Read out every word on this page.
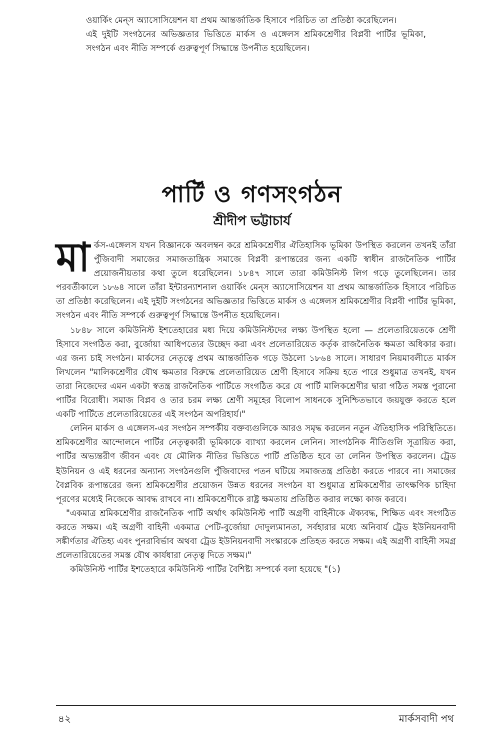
ওয়ার্কিং মেন্‌স অ্যাসোসিয়েশন যা প্রথম আন্তর্জাতিক হিসাবে পরিচিত তা প্রতিষ্ঠা করেছিলেন।

এই দুইটি সংগঠনের অভিজ্ঞতার ভিত্তিতে মার্কস ও এঙ্গেলস শ্রমিকশ্রেণীর বিপ্লবী পার্টির ভূমিকা, সংগঠন এবং নীতি সম্পর্কে গুরুত্বপূর্ণ সিদ্ধান্তে উপনীত হয়েছিলেন।

পার্টি ও গণসংগঠন
শ্রীদীপ ভট্টাচার্য

মার্কস-এঙ্গেলস যখন বিজ্ঞানকে অবলম্বন করে শ্রমিকশ্রেণীর ঐতিহাসিক ভূমিকা উপস্থিত করলেন তখনই তাঁরা পুঁজিবাদী সমাজের সমাজতান্ত্রিক সমাজে বিপ্লবী রূপান্তরের জন্য একটি স্বাধীন রাজনৈতিক পার্টির প্রয়োজনীয়তার কথা তুলে ধরেছিলেন। ১৮৪৭ সালে তারা কমিউনিস্ট লিগ গড়ে তুলেছিলেন। তার পরবর্তীকালে ১৮৬৪ সালে তাঁরা ইন্টারন্যাশনাল ওয়ার্কিং মেন্‌স অ্যাসোসিয়েশন যা প্রথম আন্তর্জাতিক হিসাবে পরিচিত তা প্রতিষ্ঠা করেছিলেন। এই দুইটি সংগঠনের অভিজ্ঞতার ভিত্তিতে মার্কস ও এঙ্গেলস শ্রমিকশ্রেণীর বিপ্লবী পার্টির ভূমিকা, সংগঠন এবং নীতি সম্পর্কে গুরুত্বপূর্ণ সিদ্ধান্তে উপনীত হয়েছিলেন।

১৮৪৮ সালে কমিউনিস্ট ইশতেহারের মধ্য দিয়ে কমিউনিস্টদের লক্ষ্য উপস্থিত হলো — প্রলেতারিয়েতকে শ্রেণী হিসাবে সংগঠিত করা, বুর্জোয়া আধিপত্যের উচ্ছেদ করা এবং প্রলেতারিয়েত কর্তৃক রাজনৈতিক ক্ষমতা অধিকার করা। এর জন্য চাই সংগঠন। মার্কসের নেতৃত্বে প্রথম আন্তর্জাতিক গড়ে উঠলো ১৮৬৪ সালে। সাধারণ নিয়মাবলীতে মার্কস লিখলেন "মালিকশ্রেণীর যৌথ ক্ষমতার বিরুদ্ধে প্রলেতারিয়েত শ্রেণী হিসাবে সক্রিয় হতে পারে শুধুমাত্র তখনই, যখন তারা নিজেদের এমন একটা স্বতন্ত্র রাজনৈতিক পার্টিতে সংগঠিত করে যে পার্টি মালিকশ্রেণীর দ্বারা গঠিত সমস্ত পুরানো পার্টির বিরোধী। সমাজ বিপ্লব ও তার চরম লক্ষ্য শ্রেণী সমূহের বিলোপ সাধনকে সুনিশ্চিতভাবে জয়যুক্ত করতে হলে একটি পার্টিতে প্রলেতারিয়েতের এই সংগঠন অপরিহার্য।"

লেনিন মার্কস ও এঙ্গেলস-এর সংগঠন সম্পর্কীয় বক্তব্যগুলিকে আরও সমৃদ্ধ করলেন নতুন ঐতিহাসিক পরিস্থিতিতে। শ্রমিকশ্রেণীর আন্দোলনে পার্টির নেতৃত্বকারী ভূমিকাকে ব্যাখ্যা করলেন লেনিন। সাংগঠনিক নীতিগুলি সূত্রায়িত করা, পার্টির অভ্যন্তরীণ জীবন এবং যে মৌলিক নীতির ভিত্তিতে পার্টি প্রতিষ্ঠিত হবে তা লেনিন উপস্থিত করলেন। ট্রেড ইউনিয়ন ও এই ধরনের অন্যান্য সংগঠনগুলি পুঁজিবাদের পতন ঘটিয়ে সমাজতন্ত্র প্রতিষ্ঠা করতে পারবে না। সমাজের বৈপ্লবিক রূপান্তরের জন্য শ্রমিকশ্রেণীর প্রয়োজন উন্নত ধরনের সংগঠন যা শুধুমাত্র শ্রমিকশ্রেণীর তাৎক্ষণিক চাহিদা পূরণের মধ্যেই নিজেকে আবদ্ধ রাখবে না। শ্রমিকশ্রেণীকে রাষ্ট্র ক্ষমতায় প্রতিষ্ঠিত করার লক্ষ্যে কাজ করবে।

"একমাত্র শ্রমিকশ্রেণীর রাজনৈতিক পার্টি অর্থাৎ কমিউনিস্ট পার্টি অগ্রণী বাহিনীকে ঐক্যবদ্ধ, শিক্ষিত এবং সংগঠিত করতে সক্ষম। এই অগ্রণী বাহিনী একমাত্র পেটি-বুর্জোয়া দোদুল্যমানতা, সর্বহারার মধ্যে অনিবার্য ট্রেড ইউনিয়নবাদী সঙ্কীর্ণতার ঐতিহ্য এবং পুনরাবির্ভাব অথবা ট্রেড ইউনিয়নবাদী সংস্কারকে প্রতিহত করতে সক্ষম। এই অগ্রণী বাহিনী সমগ্র প্রলেতারিয়েতের সমস্ত যৌথ কার্যধারা নেতৃত্ব দিতে সক্ষম।"

কমিউনিস্ট পার্টির ইশতেহারে কমিউনিস্ট পার্টির বৈশিষ্ট্য সম্পর্কে বলা হয়েছে "(১)

৪২	মার্কসবাদী পথ
